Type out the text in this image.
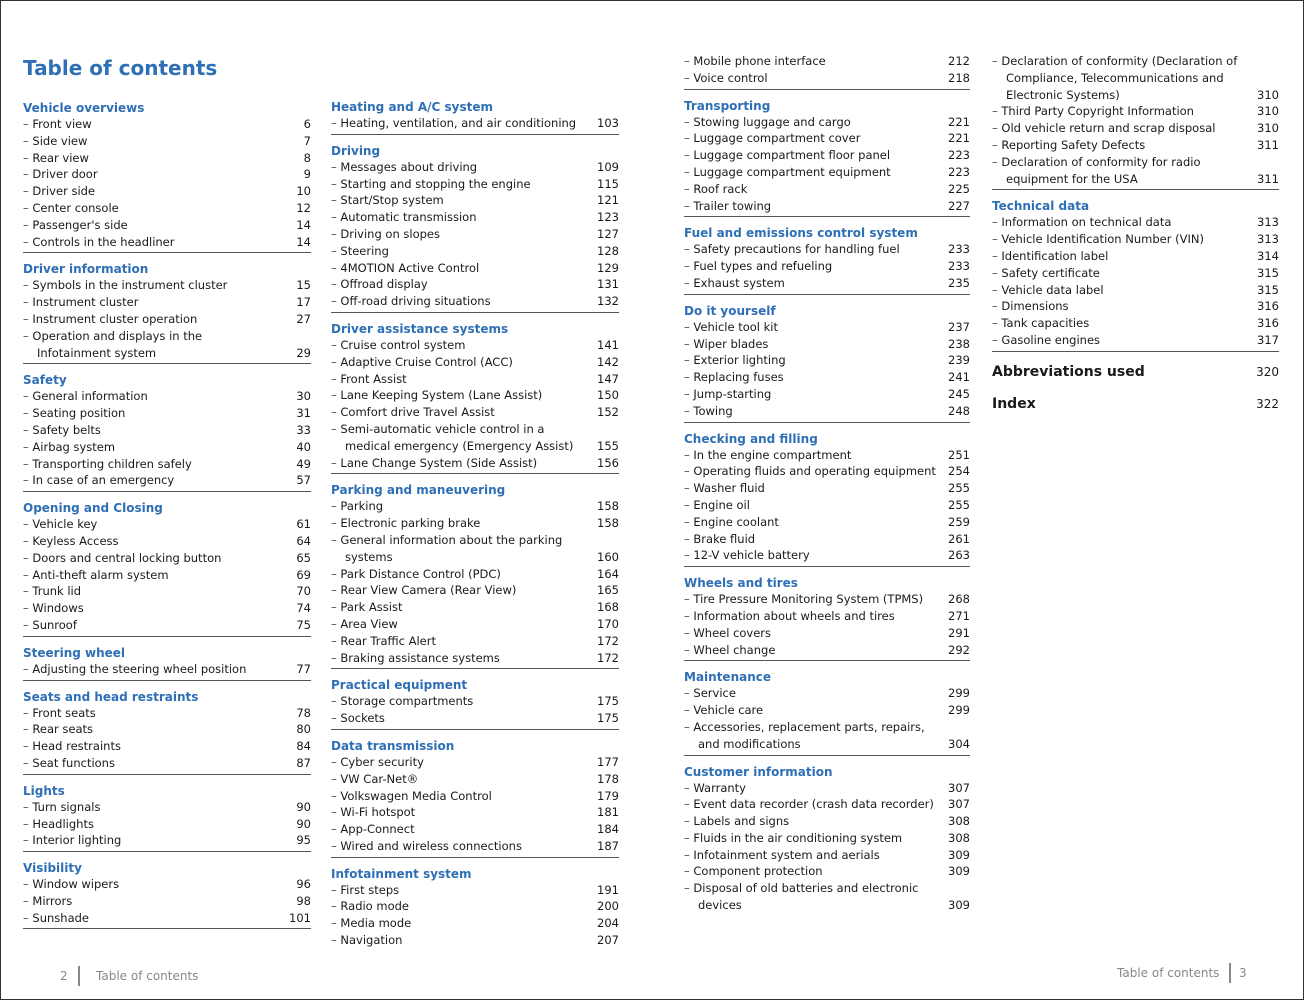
Table of contents
Vehicle overviews
– Front view	6
– Side view	7
– Rear view	8
– Driver door	9
– Driver side	10
– Center console	12
– Passenger's side	14
– Controls in the headliner	14
Driver information
– Symbols in the instrument cluster	15
– Instrument cluster	17
– Instrument cluster operation	27
– Operation and displays in the Infotainment system	29
Safety
– General information	30
– Seating position	31
– Safety belts	33
– Airbag system	40
– Transporting children safely	49
– In case of an emergency	57
Opening and Closing
– Vehicle key	61
– Keyless Access	64
– Doors and central locking button	65
– Anti-theft alarm system	69
– Trunk lid	70
– Windows	74
– Sunroof	75
Steering wheel
– Adjusting the steering wheel position	77
Seats and head restraints
– Front seats	78
– Rear seats	80
– Head restraints	84
– Seat functions	87
Lights
– Turn signals	90
– Headlights	90
– Interior lighting	95
Visibility
– Window wipers	96
– Mirrors	98
– Sunshade	101
Heating and A/C system
– Heating, ventilation, and air conditioning	103
Driving
– Messages about driving	109
– Starting and stopping the engine	115
– Start/Stop system	121
– Automatic transmission	123
– Driving on slopes	127
– Steering	128
– 4MOTION Active Control	129
– Offroad display	131
– Off-road driving situations	132
Driver assistance systems
– Cruise control system	141
– Adaptive Cruise Control (ACC)	142
– Front Assist	147
– Lane Keeping System (Lane Assist)	150
– Comfort drive Travel Assist	152
– Semi-automatic vehicle control in a medical emergency (Emergency Assist)	155
– Lane Change System (Side Assist)	156
Parking and maneuvering
– Parking	158
– Electronic parking brake	158
– General information about the parking systems	160
– Park Distance Control (PDC)	164
– Rear View Camera (Rear View)	165
– Park Assist	168
– Area View	170
– Rear Traffic Alert	172
– Braking assistance systems	172
Practical equipment
– Storage compartments	175
– Sockets	175
Data transmission
– Cyber security	177
– VW Car-Net®	178
– Volkswagen Media Control	179
– Wi-Fi hotspot	181
– App-Connect	184
– Wired and wireless connections	187
Infotainment system
– First steps	191
– Radio mode	200
– Media mode	204
– Navigation	207
– Mobile phone interface	212
– Voice control	218
Transporting
– Stowing luggage and cargo	221
– Luggage compartment cover	221
– Luggage compartment floor panel	223
– Luggage compartment equipment	223
– Roof rack	225
– Trailer towing	227
Fuel and emissions control system
– Safety precautions for handling fuel	233
– Fuel types and refueling	233
– Exhaust system	235
Do it yourself
– Vehicle tool kit	237
– Wiper blades	238
– Exterior lighting	239
– Replacing fuses	241
– Jump-starting	245
– Towing	248
Checking and filling
– In the engine compartment	251
– Operating fluids and operating equipment	254
– Washer fluid	255
– Engine oil	255
– Engine coolant	259
– Brake fluid	261
– 12-V vehicle battery	263
Wheels and tires
– Tire Pressure Monitoring System (TPMS)	268
– Information about wheels and tires	271
– Wheel covers	291
– Wheel change	292
Maintenance
– Service	299
– Vehicle care	299
– Accessories, replacement parts, repairs, and modifications	304
Customer information
– Warranty	307
– Event data recorder (crash data recorder)	307
– Labels and signs	308
– Fluids in the air conditioning system	308
– Infotainment system and aerials	309
– Component protection	309
– Disposal of old batteries and electronic devices	309
– Declaration of conformity (Declaration of Compliance, Telecommunications and Electronic Systems)	310
– Third Party Copyright Information	310
– Old vehicle return and scrap disposal	310
– Reporting Safety Defects	311
– Declaration of conformity for radio equipment for the USA	311
Technical data
– Information on technical data	313
– Vehicle Identification Number (VIN)	313
– Identification label	314
– Safety certificate	315
– Vehicle data label	315
– Dimensions	316
– Tank capacities	316
– Gasoline engines	317
Abbreviations used	320
Index	322
2 Table of contents	Table of contents 3
